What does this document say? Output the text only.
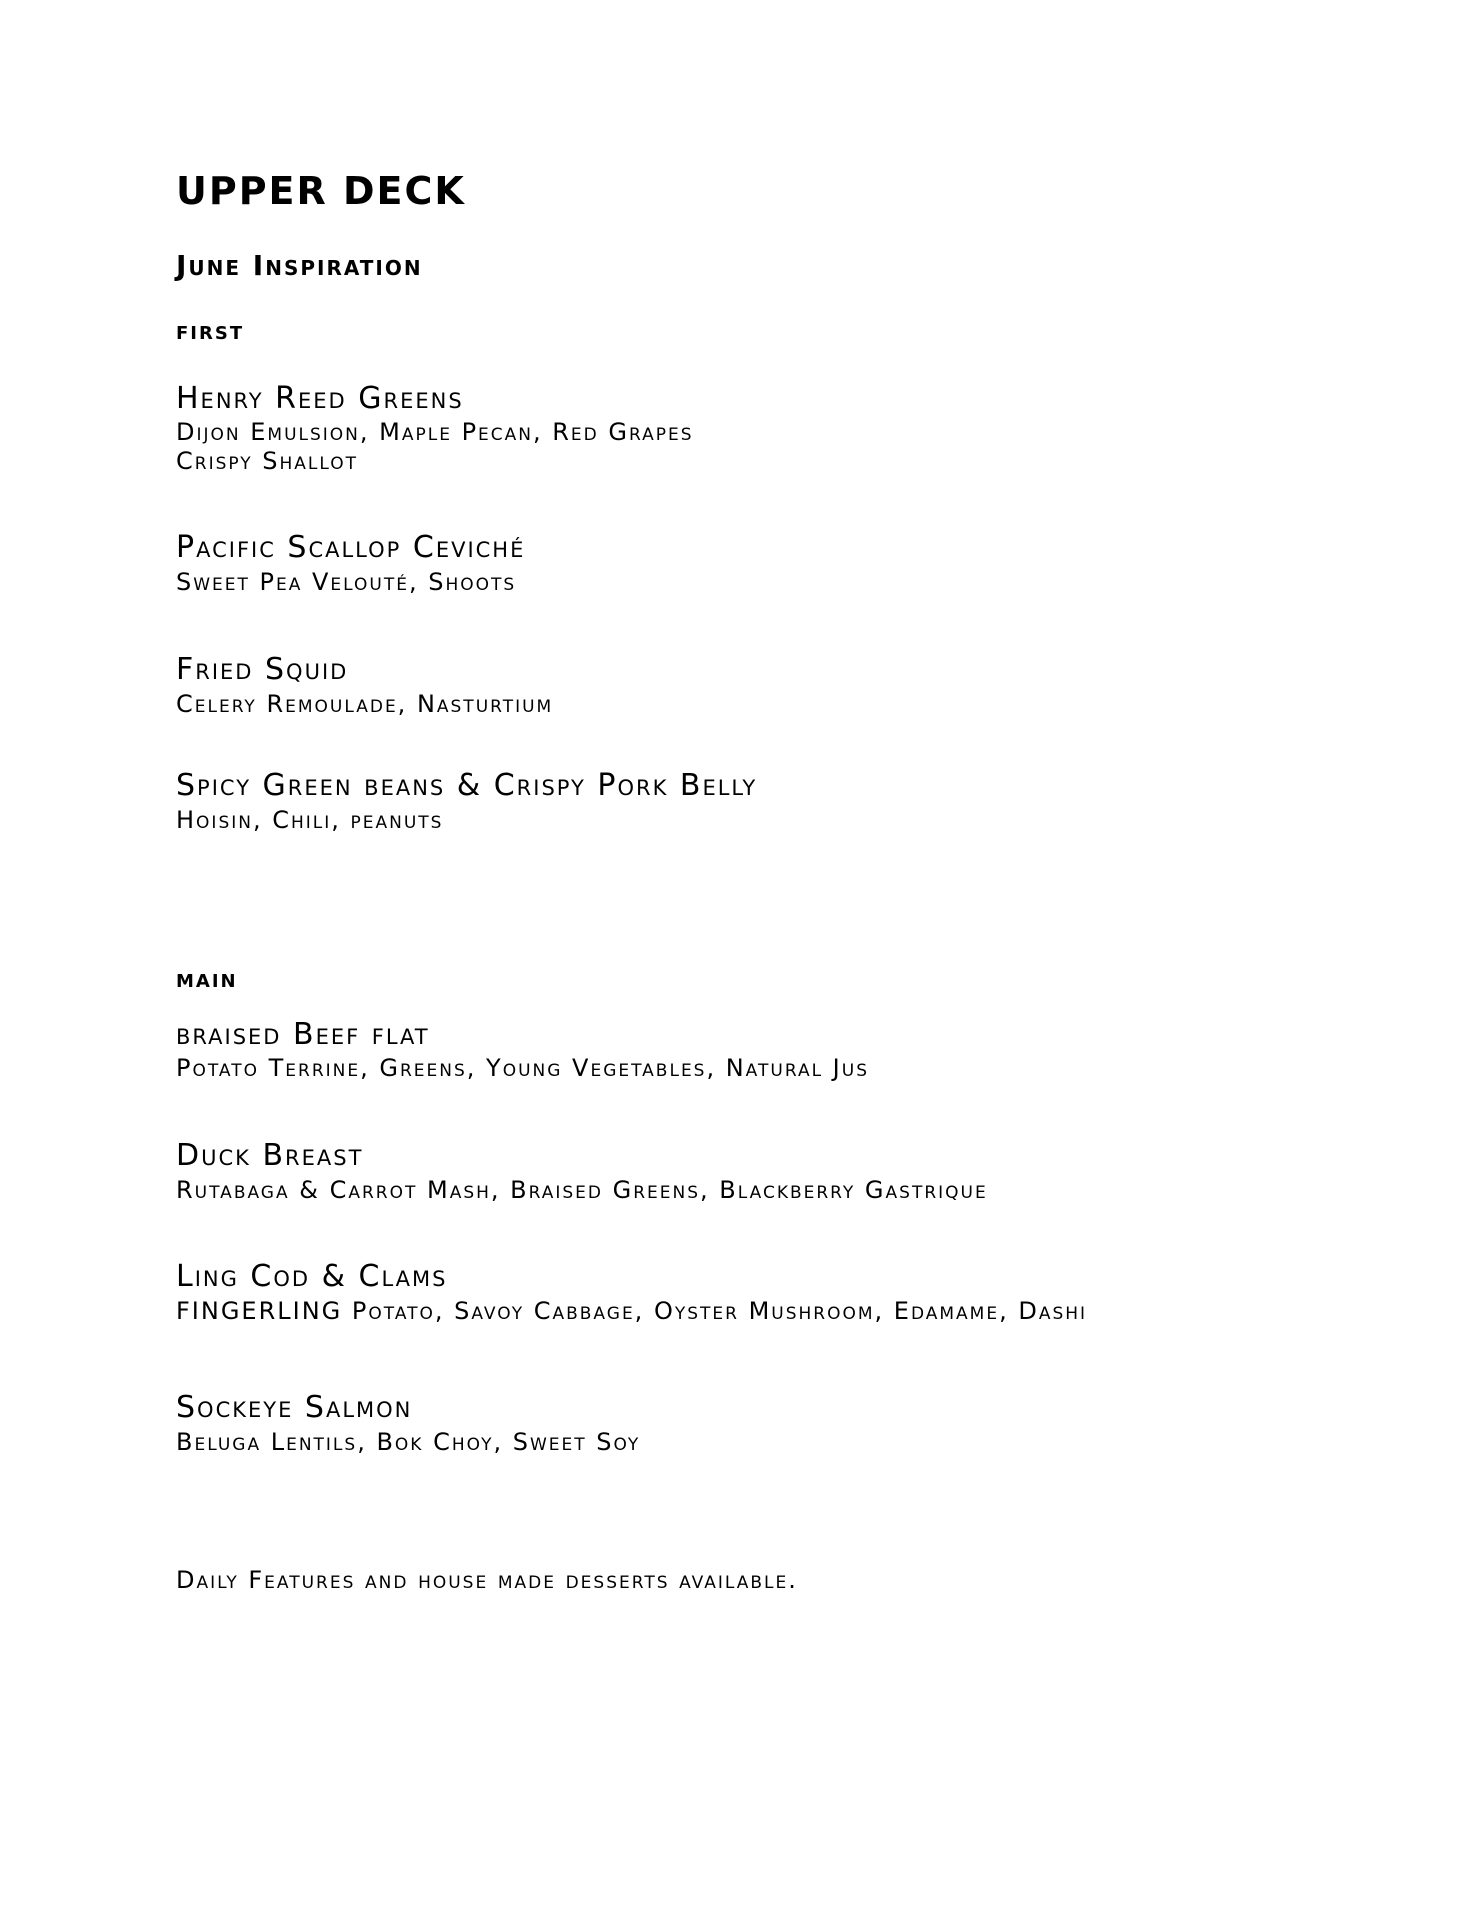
UPPER DECK
June Inspiration
first
Henry Reed Greens
Dijon Emulsion, Maple Pecan, Red Grapes
Crispy Shallot
Pacific Scallop Ceviché
Sweet Pea Velouté, Shoots
Fried Squid
Celery Remoulade, Nasturtium
Spicy Green beans & Crispy Pork Belly
Hoisin, Chili, peanuts
main
braised Beef flat
Potato Terrine, Greens, Young Vegetables, Natural Jus
Duck Breast
Rutabaga & Carrot Mash, Braised Greens, Blackberry Gastrique
Ling Cod & Clams
FINGERLING Potato, Savoy Cabbage, Oyster Mushroom, Edamame, Dashi
Sockeye Salmon
Beluga Lentils, Bok Choy, Sweet Soy
Daily Features and house made desserts available.
